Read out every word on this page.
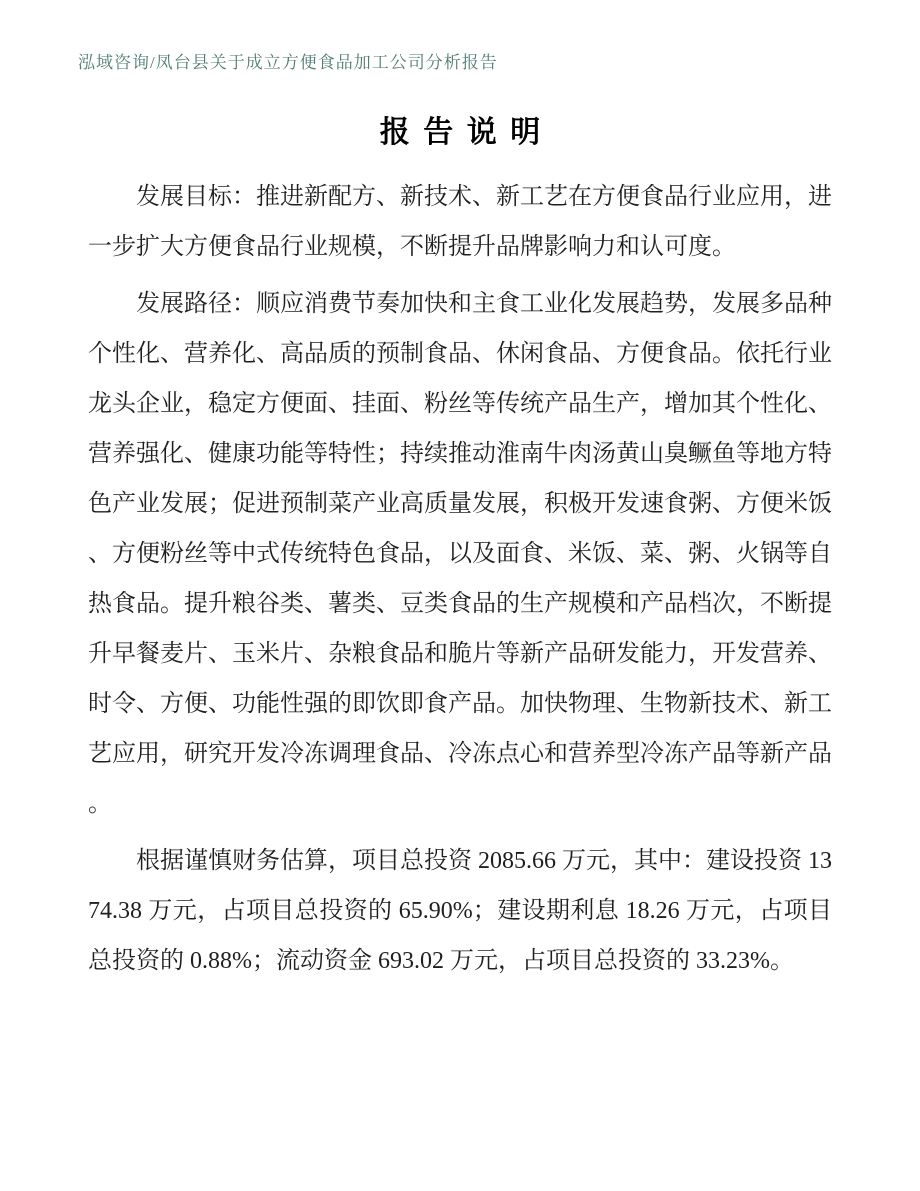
泓域咨询/凤台县关于成立方便食品加工公司分析报告
报告说明

发展目标：推进新配方、新技术、新工艺在方便食品行业应用，进一步扩大方便食品行业规模，不断提升品牌影响力和认可度。

发展路径：顺应消费节奏加快和主食工业化发展趋势，发展多品种个性化、营养化、高品质的预制食品、休闲食品、方便食品。依托行业龙头企业，稳定方便面、挂面、粉丝等传统产品生产，增加其个性化、营养强化、健康功能等特性；持续推动淮南牛肉汤黄山臭鳜鱼等地方特色产业发展；促进预制菜产业高质量发展，积极开发速食粥、方便米饭、方便粉丝等中式传统特色食品，以及面食、米饭、菜、粥、火锅等自热食品。提升粮谷类、薯类、豆类食品的生产规模和产品档次，不断提升早餐麦片、玉米片、杂粮食品和脆片等新产品研发能力，开发营养、时令、方便、功能性强的即饮即食产品。加快物理、生物新技术、新工艺应用，研究开发冷冻调理食品、冷冻点心和营养型冷冻产品等新产品。

根据谨慎财务估算，项目总投资 2085.66 万元，其中：建设投资 1374.38 万元，占项目总投资的 65.90%；建设期利息 18.26 万元，占项目总投资的 0.88%；流动资金 693.02 万元，占项目总投资的 33.23%。
